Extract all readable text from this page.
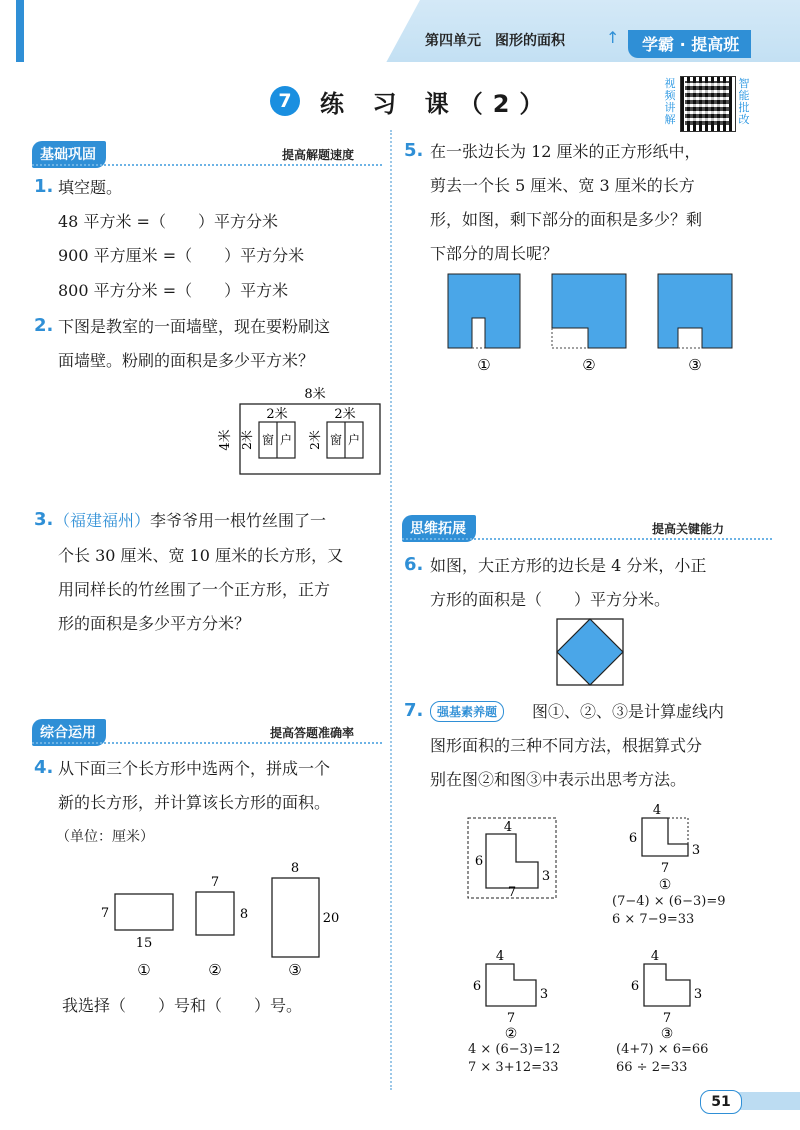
第四单元　图形的面积	↑	学霸 · 提高班
7	练 习 课（2）
视频讲解
智能批改
基础巩固	提高解题速度
1. 填空题。
48 平方米 =（　　）平方分米
900 平方厘米 =（　　）平方分米
800 平方分米 =（　　）平方米
2. 下图是教室的一面墙壁，现在要粉刷这
面墙壁。粉刷的面积是多少平方米？
8米
4米
2米
窗 户
2米
2米
窗 户
2米
3. （福建福州）李爷爷用一根竹丝围了一
个长 30 厘米、宽 10 厘米的长方形，又
用同样长的竹丝围了一个正方形，正方
形的面积是多少平方分米？
综合运用	提高答题准确率
4. 从下面三个长方形中选两个，拼成一个
新的长方形，并计算该长方形的面积。
（单位：厘米）
7
15
①
7
8
②
8
20
③
我选择（　　）号和（　　）号。
5. 在一张边长为 12 厘米的正方形纸中，
剪去一个长 5 厘米、宽 3 厘米的长方
形，如图，剩下部分的面积是多少？剩
下部分的周长呢？
①	②	③
思维拓展	提高关键能力
6. 如图，大正方形的边长是 4 分米，小正
方形的面积是（　　）平方分米。
7.	强基素养题	图①、②、③是计算虚线内
图形面积的三种不同方法，根据算式分
别在图②和图③中表示出思考方法。
4
6
3
7
4
6
3
7
①
(7−4) × (6−3)=9
6 × 7−9=33
4
6
3
7
②
4 × (6−3)=12
7 × 3+12=33
4
6
3
7
③
(4+7) × 6=66
66 ÷ 2=33
51
